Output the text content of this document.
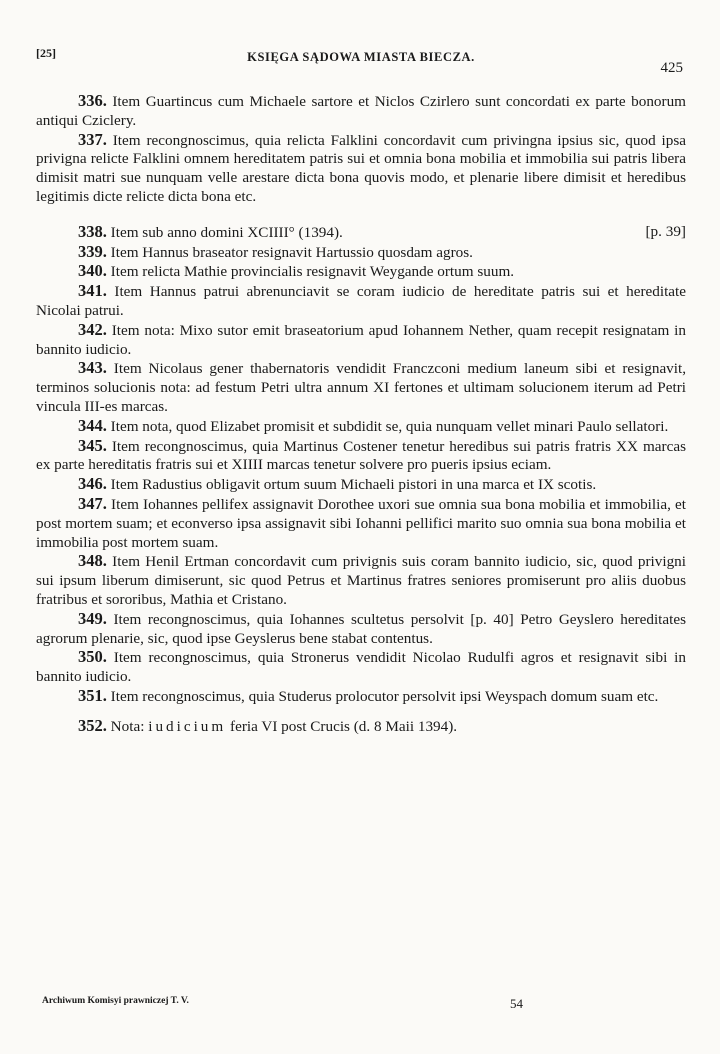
[25]	KSIĘGA SĄDOWA MIASTA BIECZA.
425

336. Item Guartincus cum Michaele sartore et Niclos Czirlero sunt concordati ex parte bonorum antiqui Cziclery.

337. Item recongnoscimus, quia relicta Falklini concordavit cum privingna ipsius sic, quod ipsa privigna relicte Falklini omnem hereditatem patris sui et omnia bona mobilia et immobilia sui patris libera dimisit matri sue nunquam velle arestare dicta bona quovis modo, et plenarie libere dimisit et heredibus legitimis dicte relicte dicta bona etc.

[p. 39]
338. Item sub anno domini XCIIII° (1394).

339. Item Hannus braseator resignavit Hartussio quosdam agros.

340. Item relicta Mathie provincialis resignavit Weygande ortum suum.

341. Item Hannus patrui abrenunciavit se coram iudicio de hereditate patris sui et hereditate Nicolai patrui.

342. Item nota: Mixo sutor emit braseatorium apud Iohannem Nether, quam recepit resignatam in bannito iudicio.

343. Item Nicolaus gener thabernatoris vendidit Franczconi medium laneum sibi et resignavit, terminos solucionis nota: ad festum Petri ultra annum XI fertones et ultimam solucionem iterum ad Petri vincula III-es marcas.

344. Item nota, quod Elizabet promisit et subdidit se, quia nunquam vellet minari Paulo sellatori.

345. Item recongnoscimus, quia Martinus Costener tenetur heredibus sui patris fratris XX marcas ex parte hereditatis fratris sui et XIIII marcas tenetur solvere pro pueris ipsius eciam.

346. Item Radustius obligavit ortum suum Michaeli pistori in una marca et IX scotis.

347. Item Iohannes pellifex assignavit Dorothee uxori sue omnia sua bona mobilia et immobilia, et post mortem suam; et econverso ipsa assignavit sibi Iohanni pellifici marito suo omnia sua bona mobilia et immobilia post mortem suam.

348. Item Henil Ertman concordavit cum privignis suis coram bannito iudicio, sic, quod privigni sui ipsum liberum dimiserunt, sic quod Petrus et Martinus fratres seniores promiserunt pro aliis duobus fratribus et sororibus, Mathia et Cristano.

349. Item recongnoscimus, quia Iohannes scultetus persolvit [p. 40] Petro Geyslero hereditates agrorum plenarie, sic, quod ipse Geyslerus bene stabat contentus.

350. Item recongnoscimus, quia Stronerus vendidit Nicolao Rudulfi agros et resignavit sibi in bannito iudicio.

351. Item recongnoscimus, quia Studerus prolocutor persolvit ipsi Weyspach domum suam etc.

352. Nota: iudicium feria VI post Crucis (d. 8 Maii 1394).

Archiwum Komisyi prawniczej T. V.	54
